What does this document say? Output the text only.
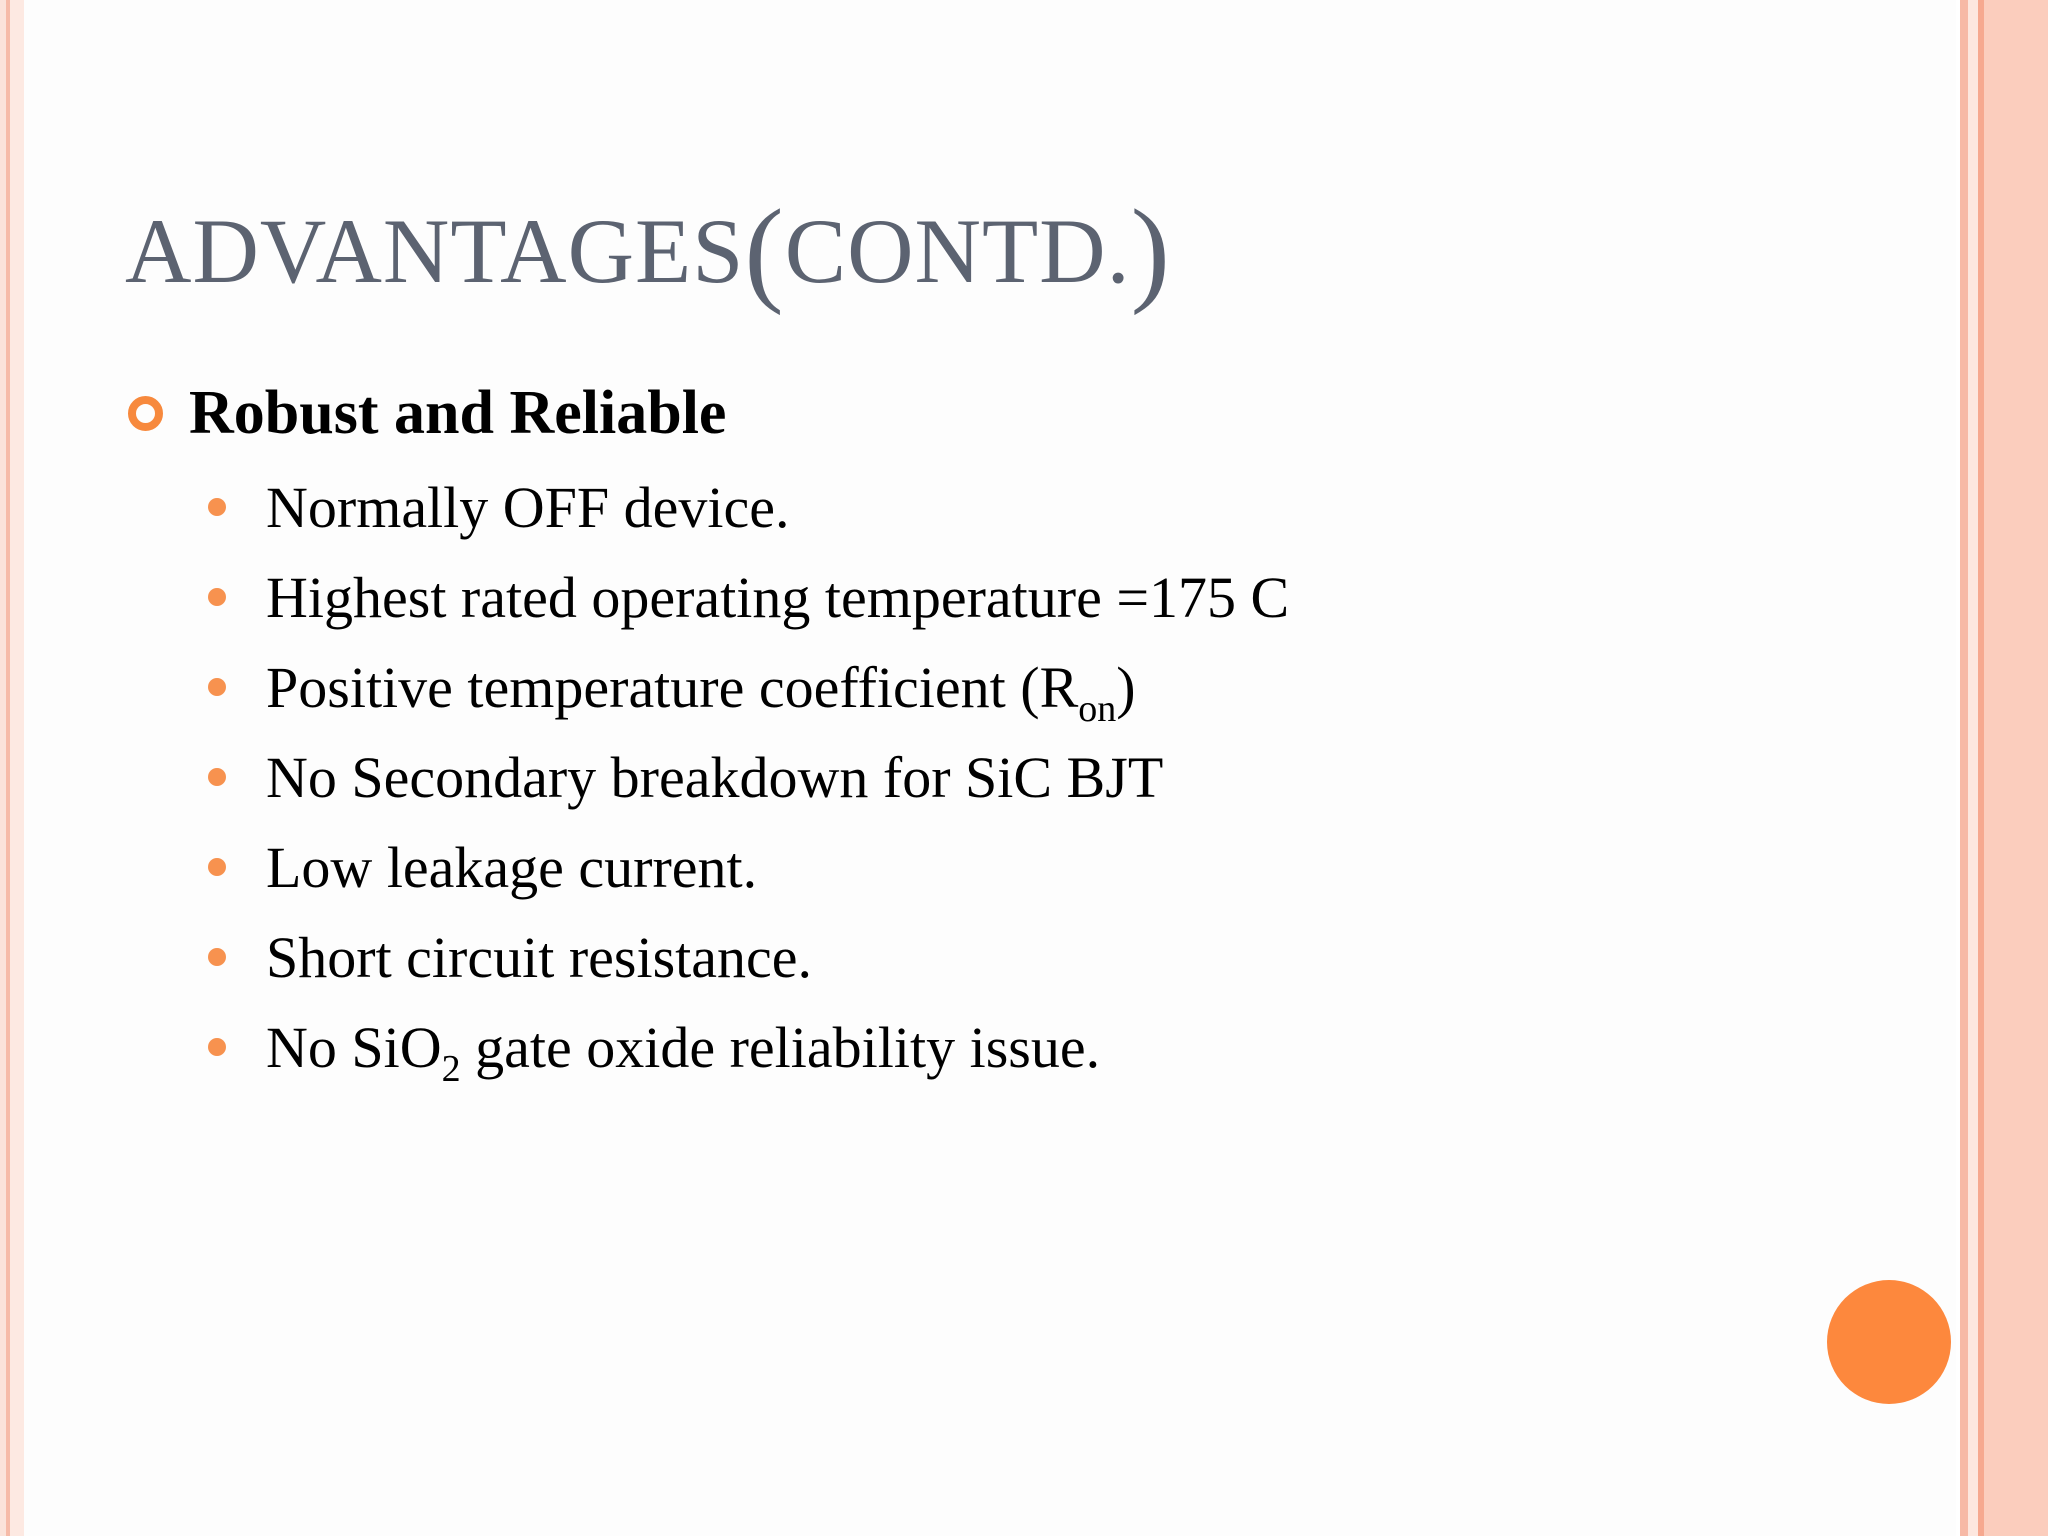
ADVANTAGES(CONTD.)
Robust and Reliable
Normally OFF device.
Highest rated operating temperature =175 C
Positive temperature coefficient $(R_{on})$
No Secondary breakdown for SiC BJT
Low leakage current.
Short circuit resistance.
No SiO$_2$ gate oxide reliability issue.
